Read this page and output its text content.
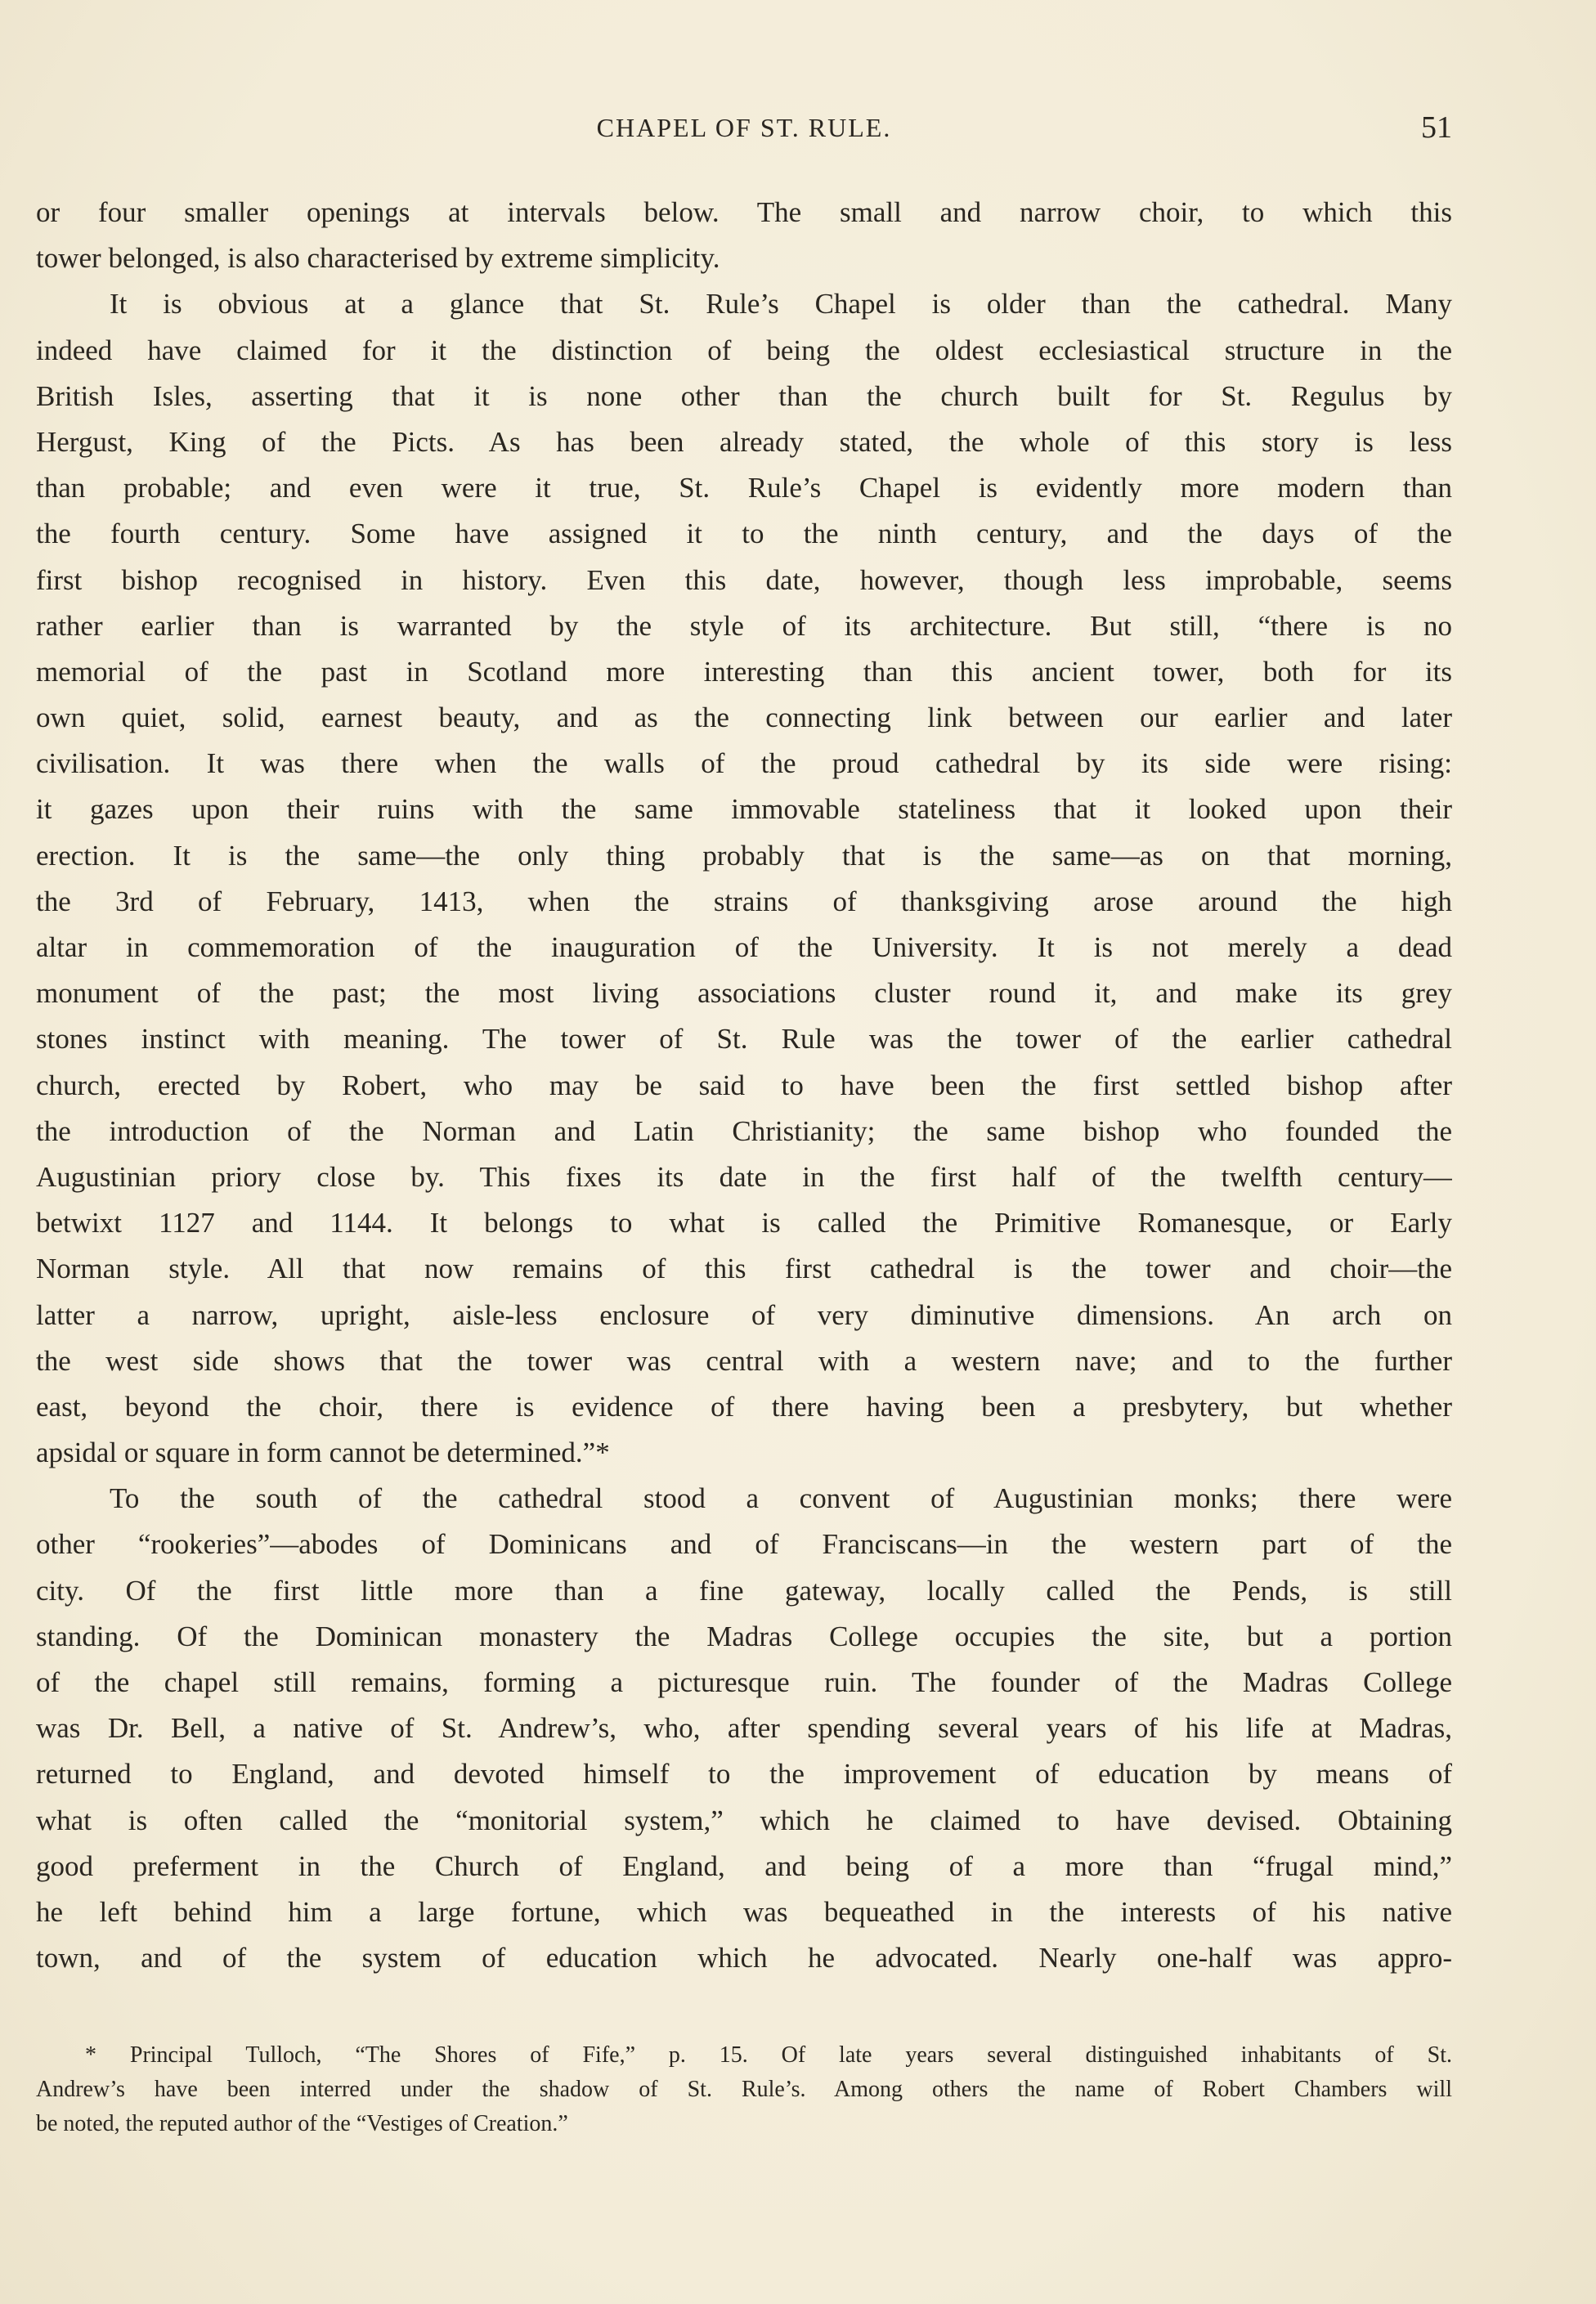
CHAPEL OF ST. RULE.	51
or four smaller openings at intervals below. The small and narrow choir, to which this
tower belonged, is also characterised by extreme simplicity.
It is obvious at a glance that St. Rule’s Chapel is older than the cathedral. Many
indeed have claimed for it the distinction of being the oldest ecclesiastical structure in the
British Isles, asserting that it is none other than the church built for St. Regulus by
Hergust, King of the Picts. As has been already stated, the whole of this story is less
than probable; and even were it true, St. Rule’s Chapel is evidently more modern than
the fourth century. Some have assigned it to the ninth century, and the days of the
first bishop recognised in history. Even this date, however, though less improbable, seems
rather earlier than is warranted by the style of its architecture. But still, “there is no
memorial of the past in Scotland more interesting than this ancient tower, both for its
own quiet, solid, earnest beauty, and as the connecting link between our earlier and later
civilisation. It was there when the walls of the proud cathedral by its side were rising:
it gazes upon their ruins with the same immovable stateliness that it looked upon their
erection. It is the same—the only thing probably that is the same—as on that morning,
the 3rd of February, 1413, when the strains of thanksgiving arose around the high
altar in commemoration of the inauguration of the University. It is not merely a dead
monument of the past; the most living associations cluster round it, and make its grey
stones instinct with meaning. The tower of St. Rule was the tower of the earlier cathedral
church, erected by Robert, who may be said to have been the first settled bishop after
the introduction of the Norman and Latin Christianity; the same bishop who founded the
Augustinian priory close by. This fixes its date in the first half of the twelfth century—
betwixt 1127 and 1144. It belongs to what is called the Primitive Romanesque, or Early
Norman style. All that now remains of this first cathedral is the tower and choir—the
latter a narrow, upright, aisle-less enclosure of very diminutive dimensions. An arch on
the west side shows that the tower was central with a western nave; and to the further
east, beyond the choir, there is evidence of there having been a presbytery, but whether
apsidal or square in form cannot be determined.”*
To the south of the cathedral stood a convent of Augustinian monks; there were
other “rookeries”—abodes of Dominicans and of Franciscans—in the western part of the
city. Of the first little more than a fine gateway, locally called the Pends, is still
standing. Of the Dominican monastery the Madras College occupies the site, but a portion
of the chapel still remains, forming a picturesque ruin. The founder of the Madras College
was Dr. Bell, a native of St. Andrew’s, who, after spending several years of his life at Madras,
returned to England, and devoted himself to the improvement of education by means of
what is often called the “monitorial system,” which he claimed to have devised. Obtaining
good preferment in the Church of England, and being of a more than “frugal mind,”
he left behind him a large fortune, which was bequeathed in the interests of his native
town, and of the system of education which he advocated. Nearly one-half was appro-
* Principal Tulloch, “The Shores of Fife,” p. 15. Of late years several distinguished inhabitants of St.
Andrew’s have been interred under the shadow of St. Rule’s. Among others the name of Robert Chambers will
be noted, the reputed author of the “Vestiges of Creation.”
